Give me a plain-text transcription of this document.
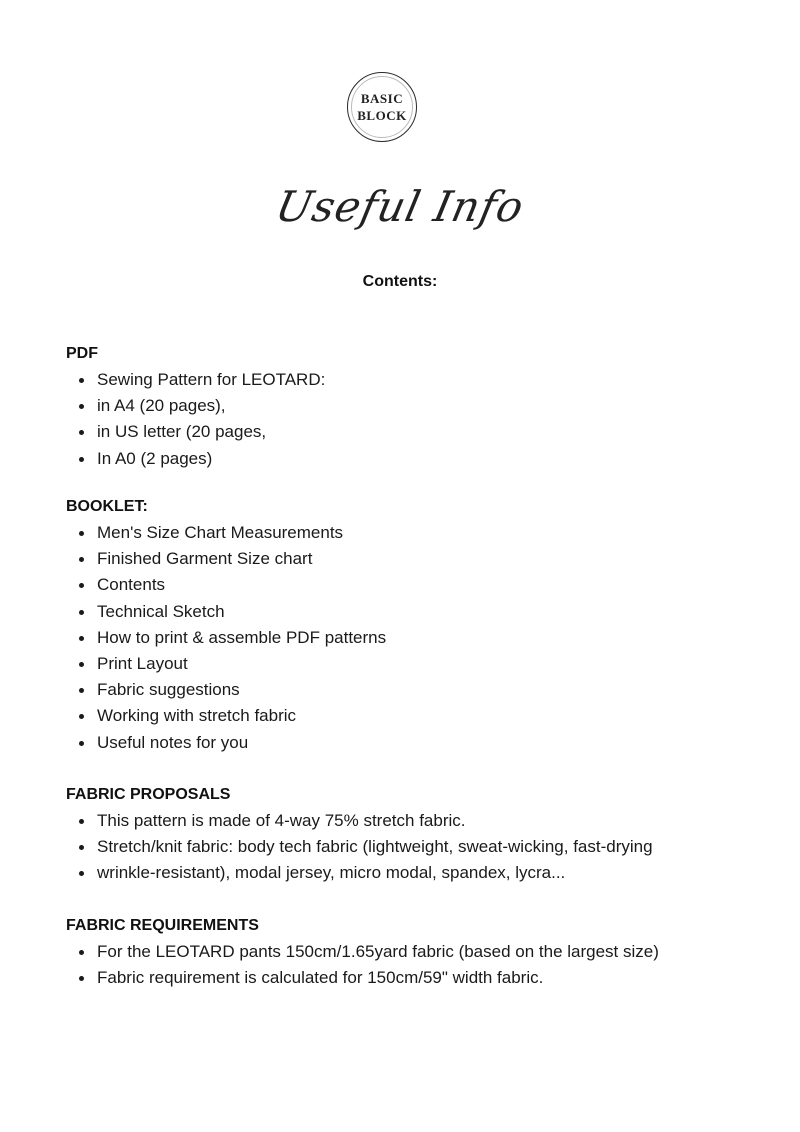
BASIC
BLOCK
Useful Info
Contents:
PDF
Sewing Pattern for LEOTARD:
in A4 (20 pages),
in US letter (20 pages,
In A0 (2 pages)
BOOKLET:
Men's Size Chart Measurements
Finished Garment Size chart
Contents
Technical Sketch
How to print & assemble PDF patterns
Print Layout
Fabric suggestions
Working with stretch fabric
Useful notes for you
FABRIC PROPOSALS
This pattern is made of 4-way 75% stretch fabric.
Stretch/knit fabric: body tech fabric (lightweight, sweat-wicking, fast-drying
wrinkle-resistant), modal jersey, micro modal, spandex, lycra...
FABRIC REQUIREMENTS
For the LEOTARD pants 150cm/1.65yard fabric (based on the largest size)
Fabric requirement is calculated for 150cm/59" width fabric.
